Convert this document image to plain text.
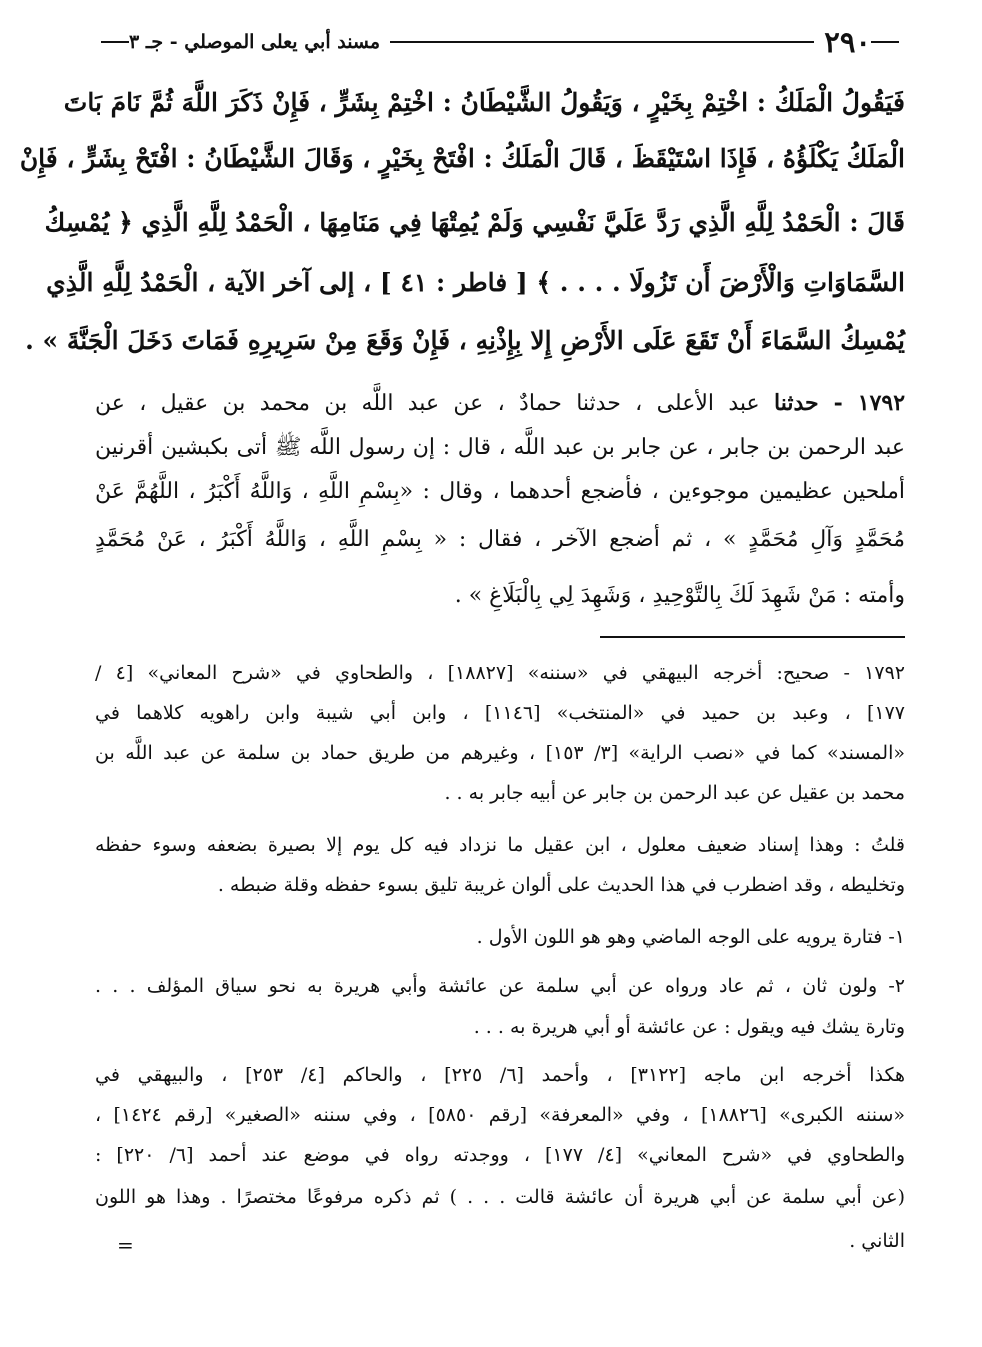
٢٩٠
مسند أبي يعلى الموصلي - جـ ٣
فَيَقُولُ الْمَلَكُ : اخْتِمْ بِخَيْرٍ ، وَيَقُولُ الشَّيْطَانُ : اخْتِمْ بِشَرٍّ ، فَإِنْ ذَكَرَ اللَّهَ ثُمَّ نَامَ بَاتَ
الْمَلَكُ يَكْلَؤُهُ ، فَإِذَا اسْتَيْقَظَ ، قَالَ الْمَلَكُ : افْتَحْ بِخَيْرٍ ، وَقَالَ الشَّيْطَانُ : افْتَحْ بِشَرٍّ ، فَإِنْ
قَالَ : الْحَمْدُ لِلَّهِ الَّذِي رَدَّ عَلَيَّ نَفْسِي وَلَمْ يُمِتْهَا فِي مَنَامِهَا ، الْحَمْدُ لِلَّهِ الَّذِي ﴿ يُمْسِكُ
السَّمَاوَاتِ وَالْأَرْضَ أَن تَزُولَا . . . . ﴾ [ فاطر : ٤١ ] ، إلى آخر الآية ، الْحَمْدُ لِلَّهِ الَّذِي
يُمْسِكُ السَّمَاءَ أَنْ تَقَعَ عَلَى الأَرْضِ إِلا بِإِذْنِهِ ، فَإِنْ وَقَعَ مِنْ سَرِيرِهِ فَمَاتَ دَخَلَ الْجَنَّةَ » .
١٧٩٢ - حدثنا عبد الأعلى ، حدثنا حمادٌ ، عن عبد اللَّه بن محمد بن عقيل ، عن
عبد الرحمن بن جابر ، عن جابر بن عبد اللَّه ، قال : إن رسول اللَّه ﷺ أتى بكبشين أقرنين
أملحين عظيمين موجوءين ، فأضجع أحدهما ، وقال : «بِسْمِ اللَّهِ ، وَاللَّهُ أَكْبَرُ ، اللَّهُمَّ عَنْ
مُحَمَّدٍ وَآلِ مُحَمَّدٍ » ، ثم أضجع الآخر ، فقال : « بِسْمِ اللَّهِ ، وَاللَّهُ أَكْبَرُ ، عَنْ مُحَمَّدٍ
وأمته : مَنْ شَهِدَ لَكَ بِالتَّوْحِيدِ ، وَشَهِدَ لِي بِالْبَلَاغِ » .
١٧٩٢ - صحيح: أخرجه البيهقي في «سننه» [١٨٨٢٧] ، والطحاوي في «شرح المعاني» [٤ /
١٧٧] ، وعبد بن حميد في «المنتخب» [١١٤٦] ، وابن أبي شيبة وابن راهويه كلاهما في
«المسند» كما في «نصب الراية» [٣/ ١٥٣] ، وغيرهم من طريق حماد بن سلمة عن عبد اللَّه بن
محمد بن عقيل عن عبد الرحمن بن جابر عن أبيه جابر به . .
قلتُ : وهذا إسناد ضعيف معلول ، ابن عقيل ما نزداد فيه كل يوم إلا بصيرة بضعفه وسوء حفظه
وتخليطه ، وقد اضطرب في هذا الحديث على ألوان غريبة تليق بسوء حفظه وقلة ضبطه .
١- فتارة يرويه على الوجه الماضي وهو هو اللون الأول .
٢- ولون ثان ، ثم عاد ورواه عن أبي سلمة عن عائشة وأبي هريرة به نحو سياق المؤلف . . .
وتارة يشك فيه ويقول : عن عائشة أو أبي هريرة به . . .
هكذا أخرجه ابن ماجه [٣١٢٢] ، وأحمد [٦/ ٢٢٥] ، والحاكم [٤/ ٢٥٣] ، والبيهقي في
«سننه الكبرى» [١٨٨٢٦] ، وفي «المعرفة» [رقم ٥٨٥٠] ، وفي سننه «الصغير» [رقم ١٤٢٤] ،
والطحاوي في «شرح المعاني» [٤/ ١٧٧] ، ووجدته رواه في موضع عند أحمد [٦/ ٢٢٠] :
(عن أبي سلمة عن أبي هريرة أن عائشة قالت . . . ) ثم ذكره مرفوعًا مختصرًا . وهذا هو اللون
الثاني .
=
